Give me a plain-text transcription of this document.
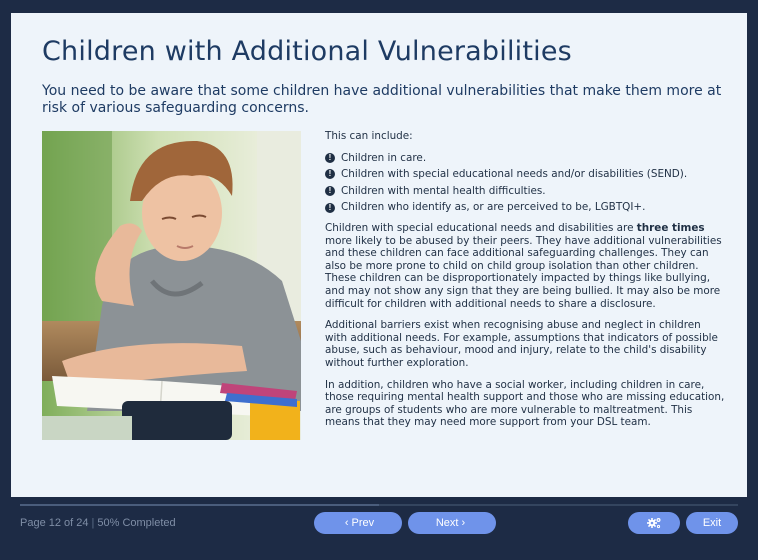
Children with Additional Vulnerabilities

You need to be aware that some children have additional vulnerabilities that make them more at risk of various safeguarding concerns.

This can include:

! Children in care.
! Children with special educational needs and/or disabilities (SEND).
! Children with mental health difficulties.
! Children who identify as, or are perceived to be, LGBTQI+.

Children with special educational needs and disabilities are three times more likely to be abused by their peers. They have additional vulnerabilities and these children can face additional safeguarding challenges. They can also be more prone to child on child group isolation than other children. These children can be disproportionately impacted by things like bullying, and may not show any sign that they are being bullied. It may also be more difficult for children with additional needs to share a disclosure.

Additional barriers exist when recognising abuse and neglect in children with additional needs. For example, assumptions that indicators of possible abuse, such as behaviour, mood and injury, relate to the child's disability without further exploration.

In addition, children who have a social worker, including children in care, those requiring mental health support and those who are missing education, are groups of students who are more vulnerable to maltreatment. This means that they may need more support from your DSL team.

Page 12 of 24 | 50% Completed	‹ Prev	Next ›	Exit
